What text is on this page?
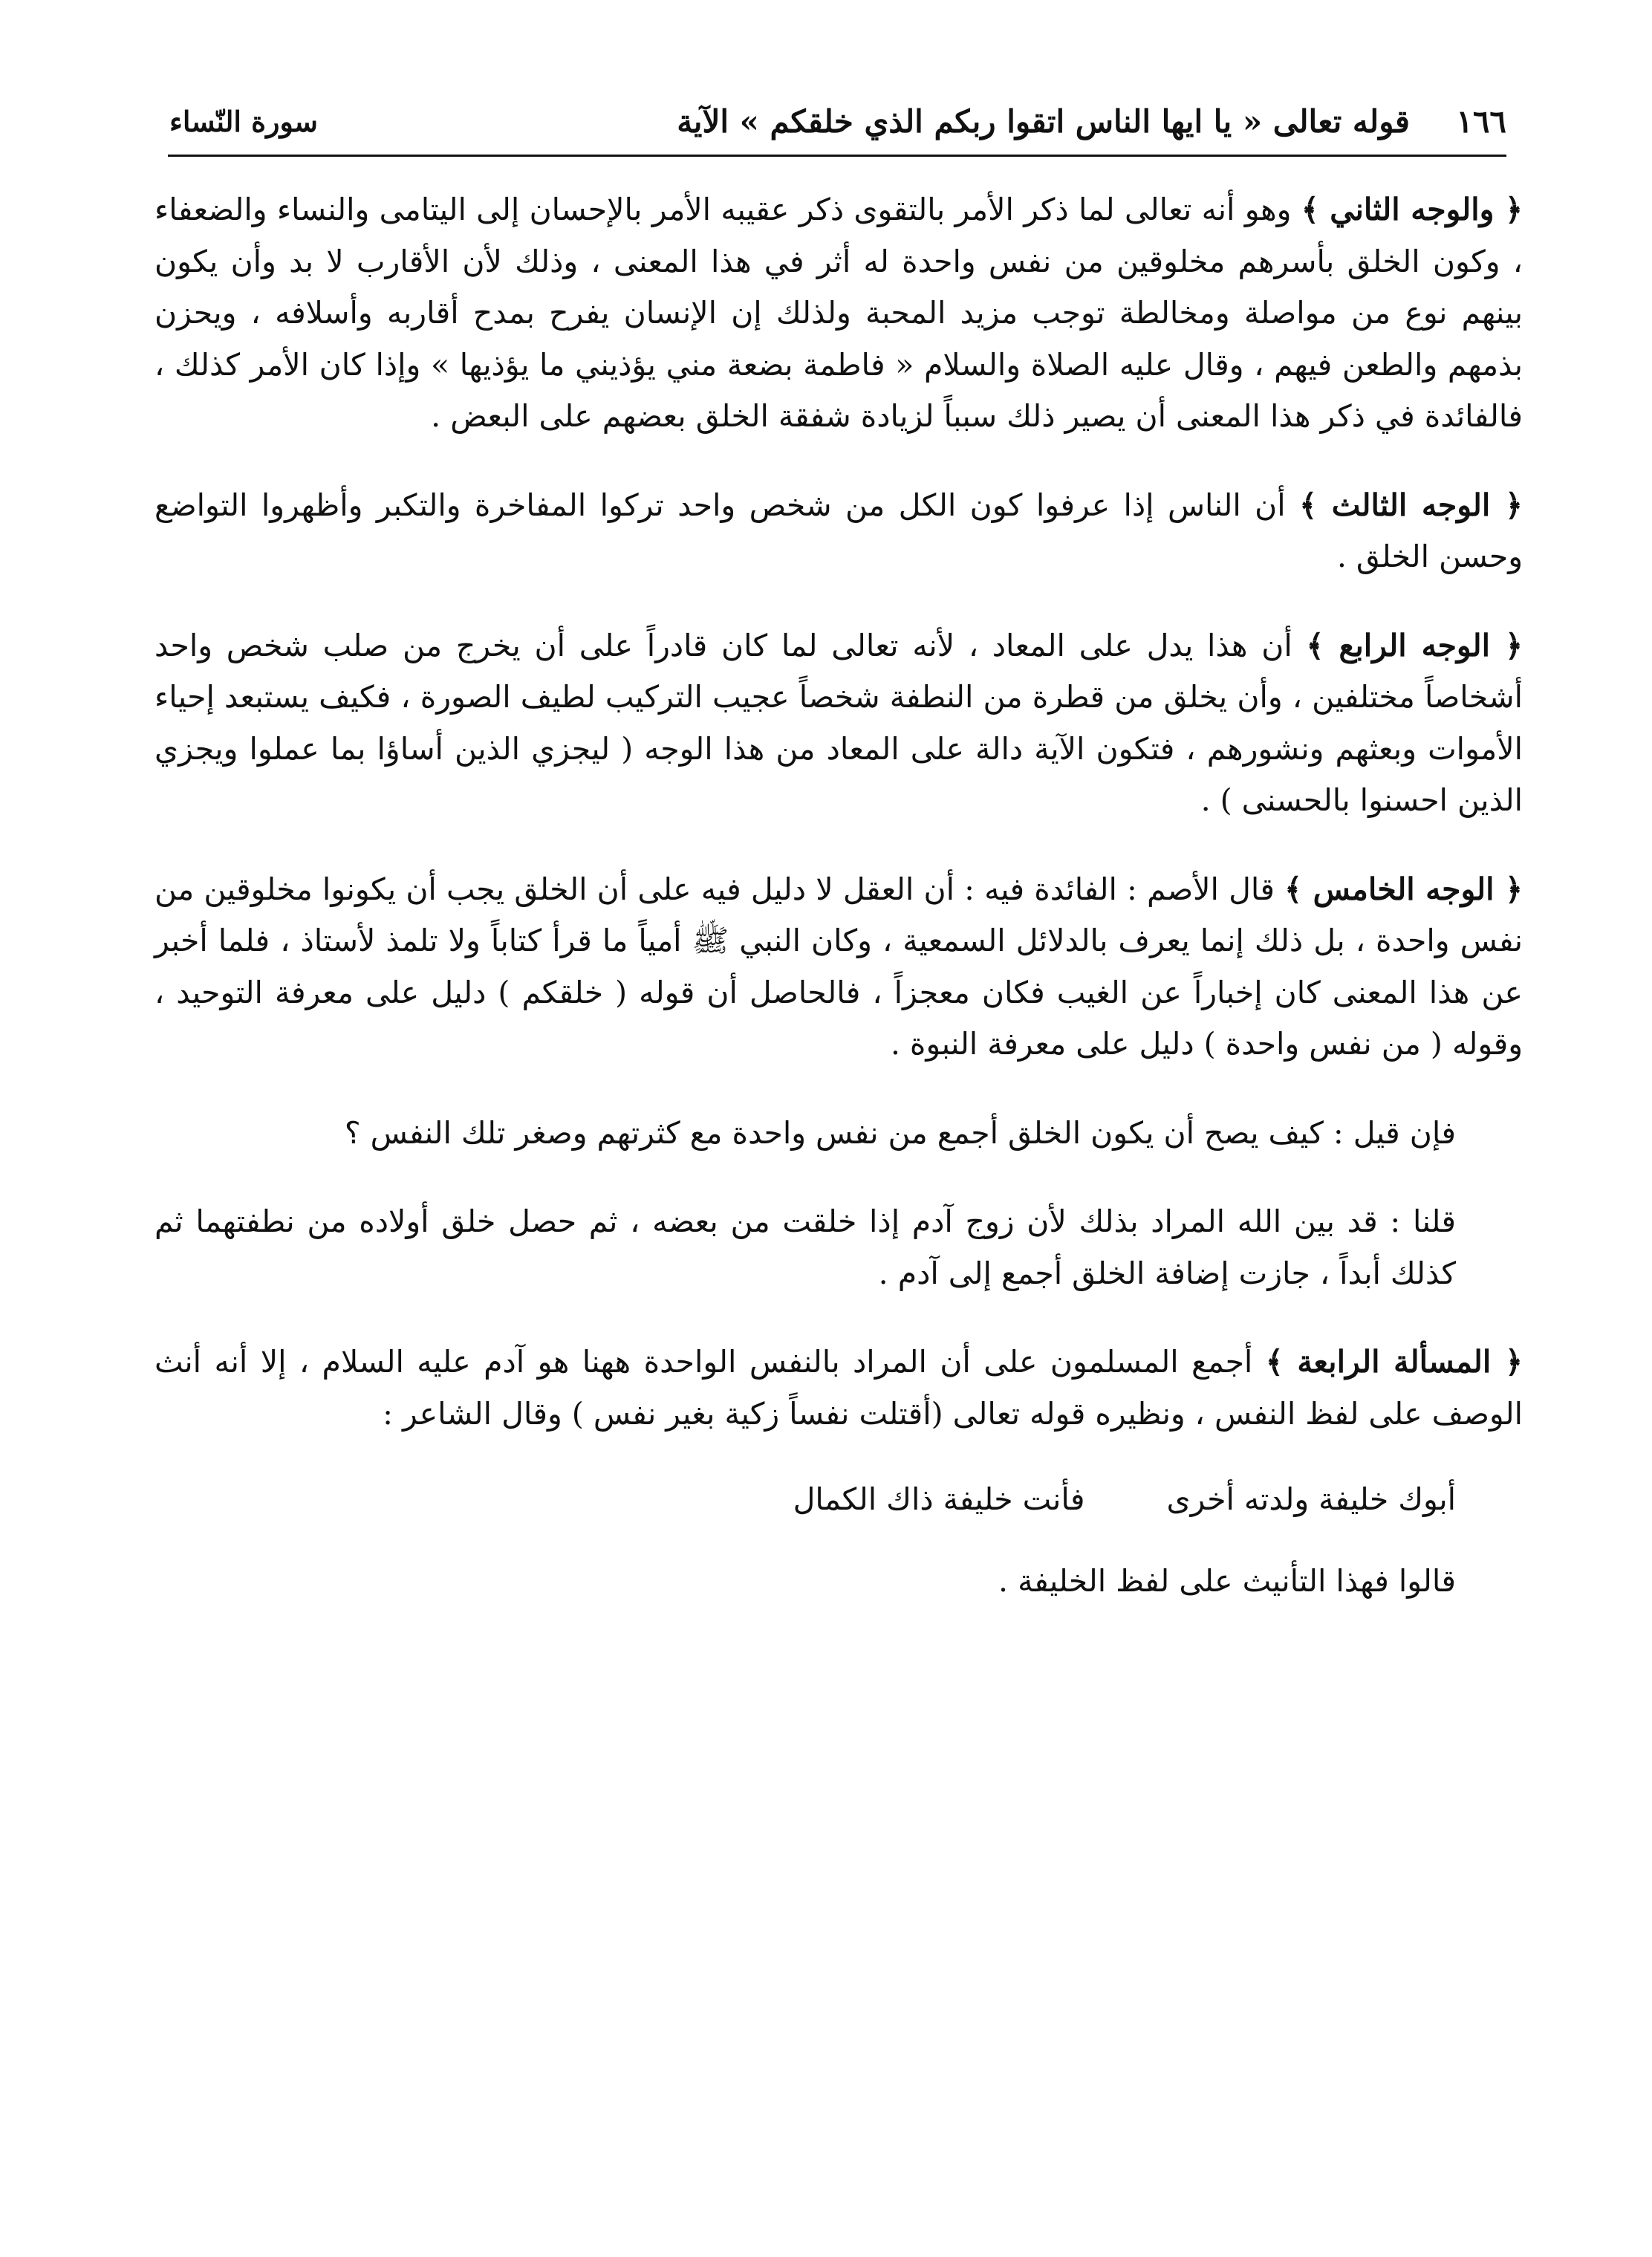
١٦٦
قوله تعالى « يا ايها الناس اتقوا ربكم الذي خلقكم » الآية
سورة النّساء

﴿ والوجه الثاني ﴾ وهو أنه تعالى لما ذكر الأمر بالتقوى ذكر عقيبه الأمر بالإحسان إلى اليتامى والنساء والضعفاء ، وكون الخلق بأسرهم مخلوقين من نفس واحدة له أثر في هذا المعنى ، وذلك لأن الأقارب لا بد وأن يكون بينهم نوع من مواصلة ومخالطة توجب مزيد المحبة ولذلك إن الإنسان يفرح بمدح أقاربه وأسلافه ، ويحزن بذمهم والطعن فيهم ، وقال عليه الصلاة والسلام « فاطمة بضعة مني يؤذيني ما يؤذيها » وإذا كان الأمر كذلك ، فالفائدة في ذكر هذا المعنى أن يصير ذلك سبباً لزيادة شفقة الخلق بعضهم على البعض .

﴿ الوجه الثالث ﴾ أن الناس إذا عرفوا كون الكل من شخص واحد تركوا المفاخرة والتكبر وأظهروا التواضع وحسن الخلق .

﴿ الوجه الرابع ﴾ أن هذا يدل على المعاد ، لأنه تعالى لما كان قادراً على أن يخرج من صلب شخص واحد أشخاصاً مختلفين ، وأن يخلق من قطرة من النطفة شخصاً عجيب التركيب لطيف الصورة ، فكيف يستبعد إحياء الأموات وبعثهم ونشورهم ، فتكون الآية دالة على المعاد من هذا الوجه ( ليجزي الذين أساؤا بما عملوا ويجزي الذين احسنوا بالحسنى ) .

﴿ الوجه الخامس ﴾ قال الأصم : الفائدة فيه : أن العقل لا دليل فيه على أن الخلق يجب أن يكونوا مخلوقين من نفس واحدة ، بل ذلك إنما يعرف بالدلائل السمعية ، وكان النبي ﷺ أمياً ما قرأ كتاباً ولا تلمذ لأستاذ ، فلما أخبر عن هذا المعنى كان إخباراً عن الغيب فكان معجزاً ، فالحاصل أن قوله ( خلقكم ) دليل على معرفة التوحيد ، وقوله ( من نفس واحدة ) دليل على معرفة النبوة .

فإن قيل : كيف يصح أن يكون الخلق أجمع من نفس واحدة مع كثرتهم وصغر تلك النفس ؟

قلنا : قد بين الله المراد بذلك لأن زوج آدم إذا خلقت من بعضه ، ثم حصل خلق أولاده من نطفتهما ثم كذلك أبداً ، جازت إضافة الخلق أجمع إلى آدم .

﴿ المسألة الرابعة ﴾ أجمع المسلمون على أن المراد بالنفس الواحدة ههنا هو آدم عليه السلام ، إلا أنه أنث الوصف على لفظ النفس ، ونظيره قوله تعالى (أقتلت نفساً زكية بغير نفس ) وقال الشاعر :

أبوك خليفة ولدته أخرىفأنت خليفة ذاك الكمال

قالوا فهذا التأنيث على لفظ الخليفة .
